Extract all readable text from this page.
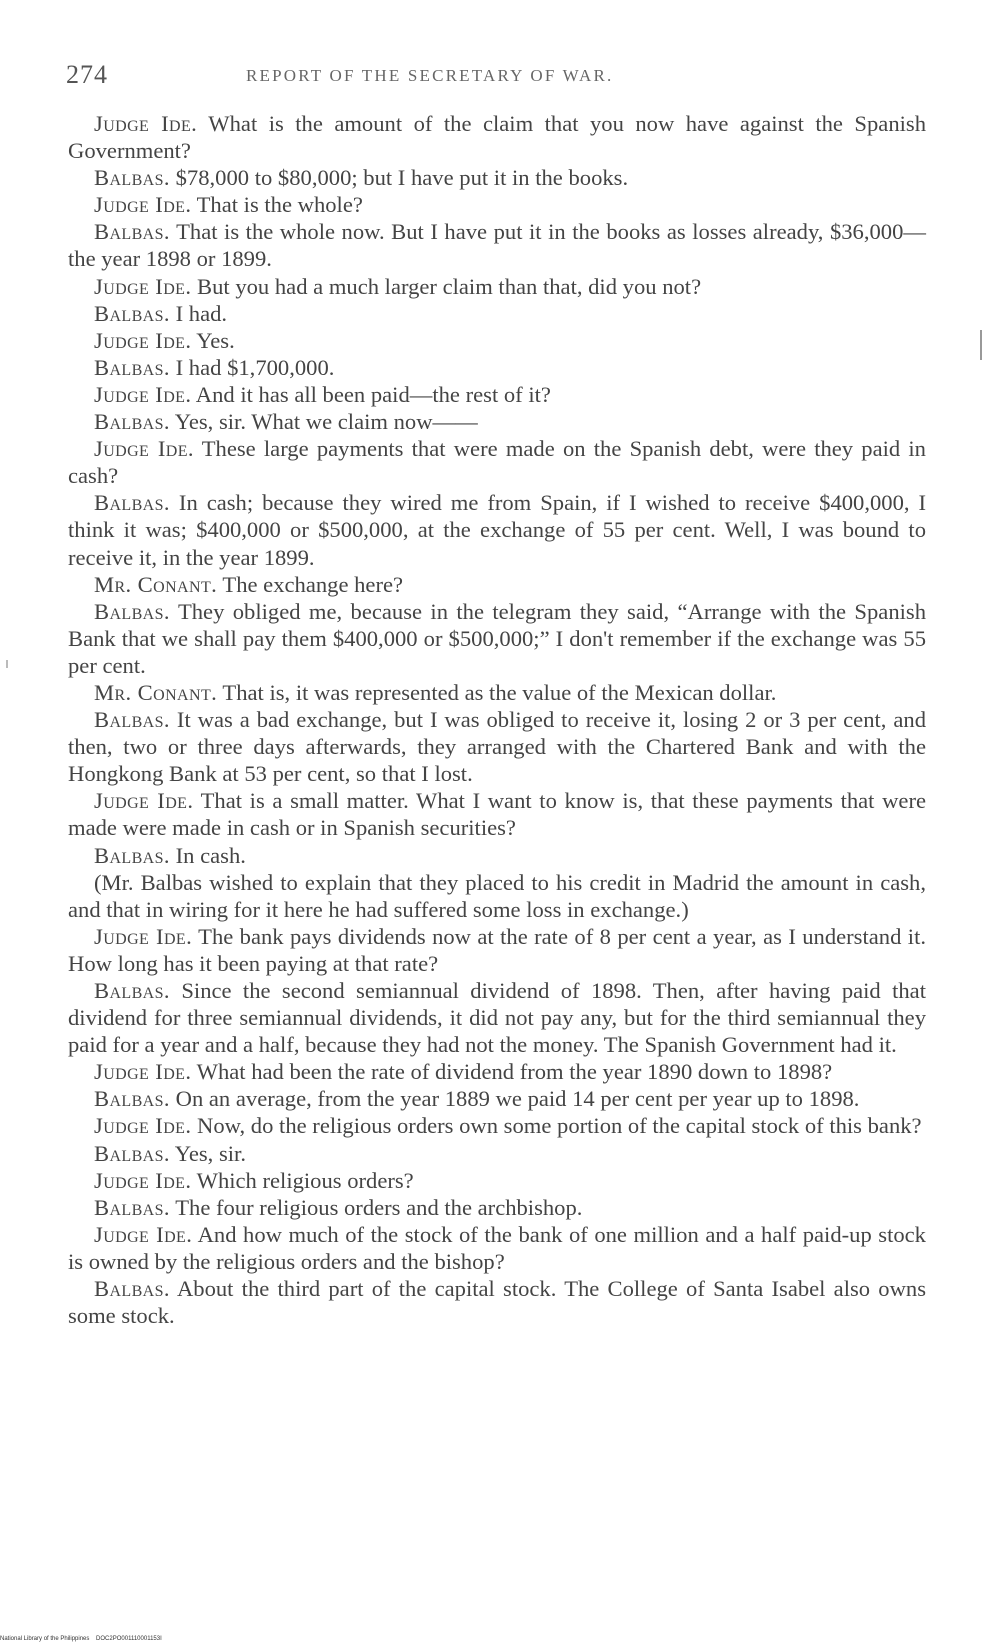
274	REPORT OF THE SECRETARY OF WAR.

Judge Ide. What is the amount of the claim that you now have against the Spanish Government?

Balbas. $78,000 to $80,000; but I have put it in the books.

Judge Ide. That is the whole?

Balbas. That is the whole now. But I have put it in the books as losses already, $36,000—the year 1898 or 1899.

Judge Ide. But you had a much larger claim than that, did you not?

Balbas. I had.

Judge Ide. Yes.

Balbas. I had $1,700,000.

Judge Ide. And it has all been paid—the rest of it?

Balbas. Yes, sir. What we claim now——

Judge Ide. These large payments that were made on the Spanish debt, were they paid in cash?

Balbas. In cash; because they wired me from Spain, if I wished to receive $400,000, I think it was; $400,000 or $500,000, at the exchange of 55 per cent. Well, I was bound to receive it, in the year 1899.

Mr. Conant. The exchange here?

Balbas. They obliged me, because in the telegram they said, “Arrange with the Spanish Bank that we shall pay them $400,000 or $500,000;” I don't remember if the exchange was 55 per cent.

Mr. Conant. That is, it was represented as the value of the Mexican dollar.

Balbas. It was a bad exchange, but I was obliged to receive it, losing 2 or 3 per cent, and then, two or three days afterwards, they arranged with the Chartered Bank and with the Hongkong Bank at 53 per cent, so that I lost.

Judge Ide. That is a small matter. What I want to know is, that these payments that were made were made in cash or in Spanish securities?

Balbas. In cash.

(Mr. Balbas wished to explain that they placed to his credit in Madrid the amount in cash, and that in wiring for it here he had suffered some loss in exchange.)

Judge Ide. The bank pays dividends now at the rate of 8 per cent a year, as I understand it. How long has it been paying at that rate?

Balbas. Since the second semiannual dividend of 1898. Then, after having paid that dividend for three semiannual dividends, it did not pay any, but for the third semiannual they paid for a year and a half, because they had not the money. The Spanish Government had it.

Judge Ide. What had been the rate of dividend from the year 1890 down to 1898?

Balbas. On an average, from the year 1889 we paid 14 per cent per year up to 1898.

Judge Ide. Now, do the religious orders own some portion of the capital stock of this bank?

Balbas. Yes, sir.

Judge Ide. Which religious orders?

Balbas. The four religious orders and the archbishop.

Judge Ide. And how much of the stock of the bank of one million and a half paid-up stock is owned by the religious orders and the bishop?

Balbas. About the third part of the capital stock. The College of Santa Isabel also owns some stock.

National Library of the Philippines    DOC2PO001110001153I
